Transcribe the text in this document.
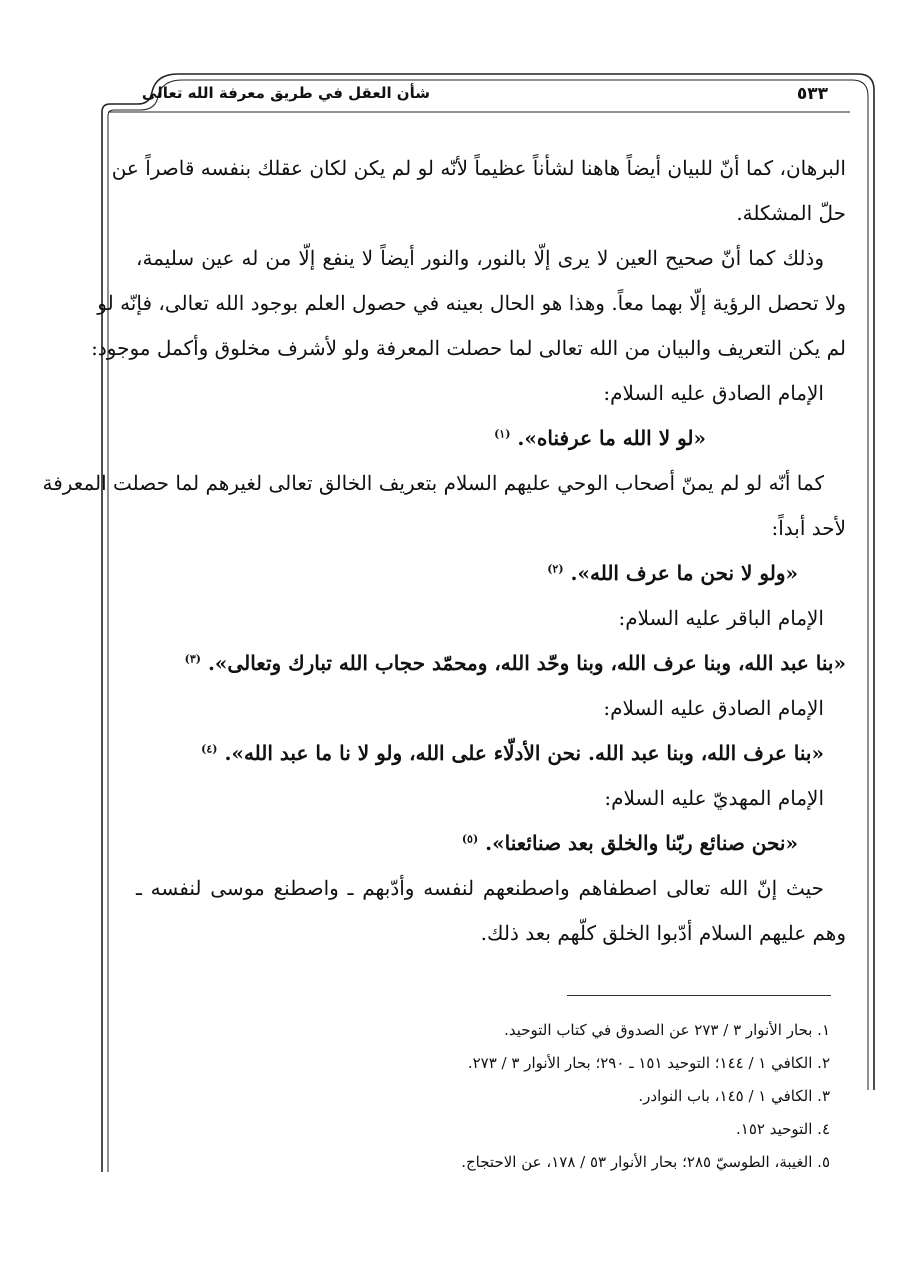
شأن العقل في طريق معرفة الله تعالى	٥٣٣
البرهان، كما أنّ للبيان أيضاً هاهنا لشأناً عظيماً لأنّه لو لم يكن لكان عقلك بنفسه قاصراً عن
حلّ المشكلة.
وذلك كما أنّ صحيح العين لا يرى إلّا بالنور، والنور أيضاً لا ينفع إلّا من له عين سليمة،
ولا تحصل الرؤية إلّا بهما معاً. وهذا هو الحال بعينه في حصول العلم بوجود الله تعالى، فإنّه لو
لم يكن التعريف والبيان من الله تعالى لما حصلت المعرفة ولو لأشرف مخلوق وأكمل موجود:
الإمام الصادق عليه السلام:
«لو لا الله ما عرفناه». $^{(١)}$
كما أنّه لو لم يمنّ أصحاب الوحي عليهم السلام بتعريف الخالق تعالى لغيرهم لما حصلت المعرفة
لأحد أبداً:
«ولو لا نحن ما عرف الله». $^{(٢)}$
الإمام الباقر عليه السلام:
«بنا عبد الله، وبنا عرف الله، وبنا وحّد الله، ومحمّد حجاب الله تبارك وتعالى». $^{(٣)}$
الإمام الصادق عليه السلام:
«بنا عرف الله، وبنا عبد الله. نحن الأدلّاء على الله، ولو لا نا ما عبد الله». $^{(٤)}$
الإمام المهديّ عليه السلام:
«نحن صنائع ربّنا والخلق بعد صنائعنا». $^{(٥)}$
حيث إنّ الله تعالى اصطفاهم واصطنعهم لنفسه وأدّبهم ـ واصطنع موسى لنفسه ـ
وهم عليهم السلام أدّبوا الخلق كلّهم بعد ذلك.
١. بحار الأنوار ٣ / ٢٧٣ عن الصدوق في كتاب التوحيد.
٢. الكافي ١ / ١٤٤؛ التوحيد ١٥١ ـ ٢٩٠؛ بحار الأنوار ٣ / ٢٧٣.
٣. الكافي ١ / ١٤٥، باب النوادر.
٤. التوحيد ١٥٢.
٥. الغيبة، الطوسيّ ٢٨٥؛ بحار الأنوار ٥٣ / ١٧٨، عن الاحتجاج.
